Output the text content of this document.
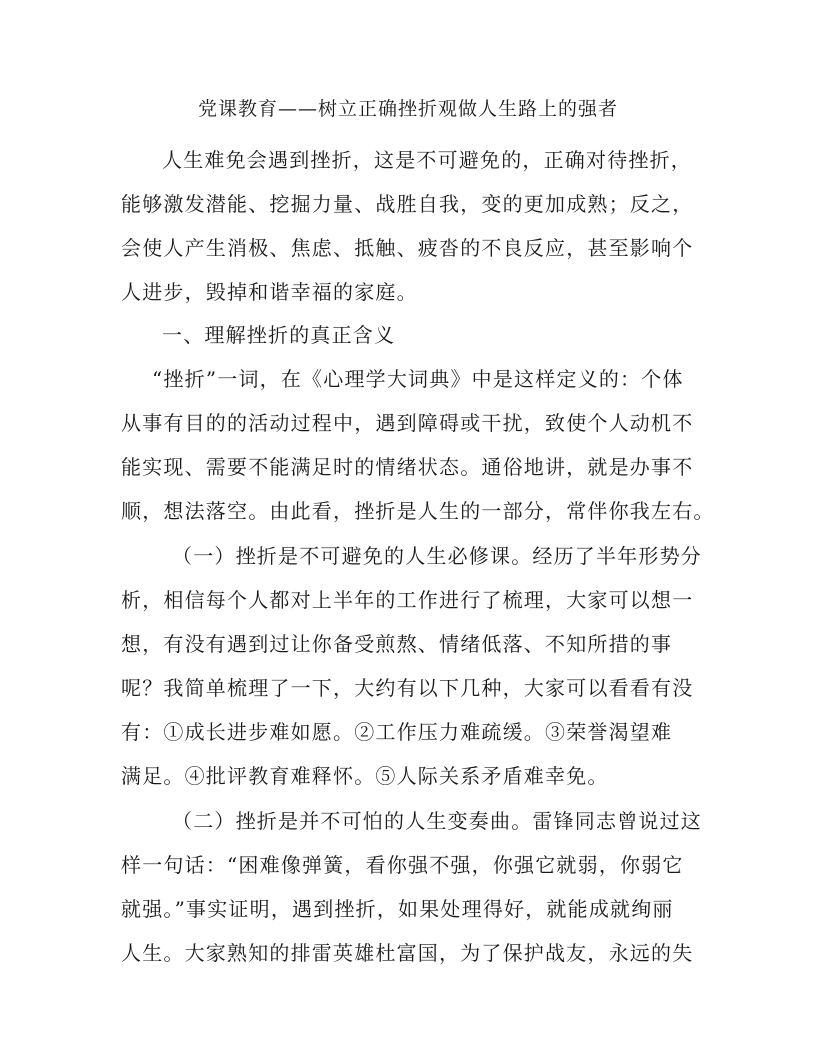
党课教育——树立正确挫折观做人生路上的强者
人生难免会遇到挫折，这是不可避免的，正确对待挫折，
能够激发潜能、挖掘力量、战胜自我，变的更加成熟；反之，
会使人产生消极、焦虑、抵触、疲沓的不良反应，甚至影响个
人进步，毁掉和谐幸福的家庭。
一、理解挫折的真正含义
“挫折”一词，在《心理学大词典》中是这样定义的：个体
从事有目的的活动过程中，遇到障碍或干扰，致使个人动机不
能实现、需要不能满足时的情绪状态。通俗地讲，就是办事不
顺，想法落空。由此看，挫折是人生的一部分，常伴你我左右。
（一）挫折是不可避免的人生必修课。经历了半年形势分
析，相信每个人都对上半年的工作进行了梳理，大家可以想一
想，有没有遇到过让你备受煎熬、情绪低落、不知所措的事
呢？我简单梳理了一下，大约有以下几种，大家可以看看有没
有：①成长进步难如愿。②工作压力难疏缓。③荣誉渴望难
满足。④批评教育难释怀。⑤人际关系矛盾难幸免。
（二）挫折是并不可怕的人生变奏曲。雷锋同志曾说过这
样一句话：“困难像弹簧，看你强不强，你强它就弱，你弱它
就强。”事实证明，遇到挫折，如果处理得好，就能成就绚丽
人生。大家熟知的排雷英雄杜富国，为了保护战友，永远的失
